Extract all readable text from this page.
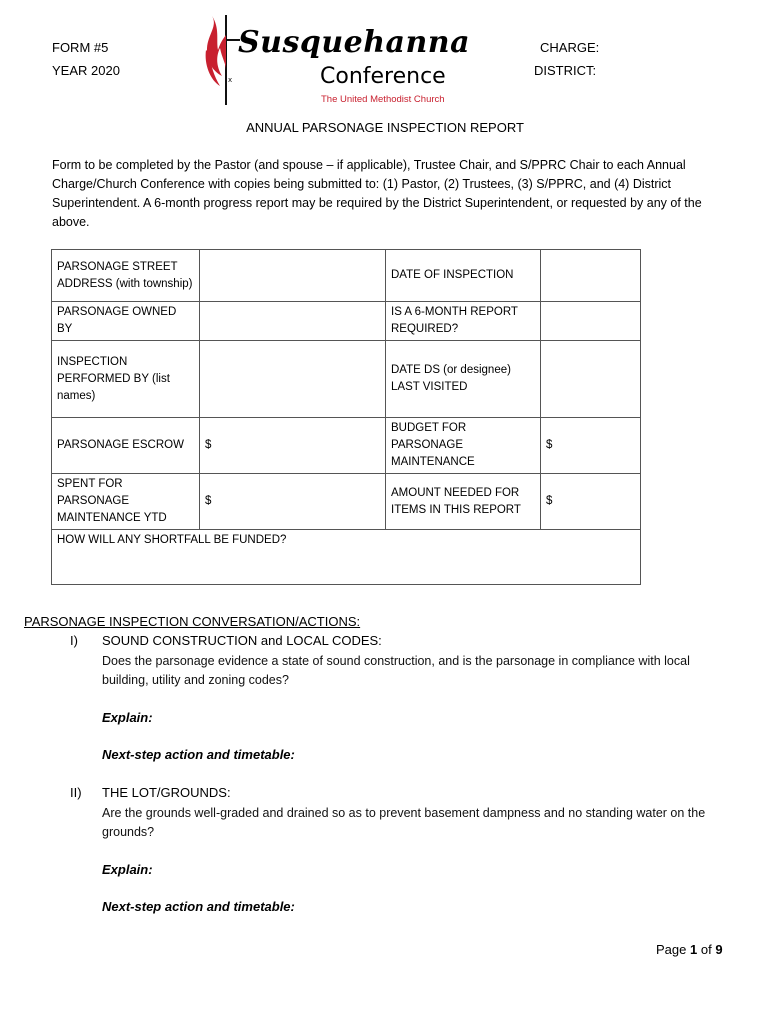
FORM #5
YEAR 2020
CHARGE:
DISTRICT:
x
Susquehanna
Conference
The United Methodist Church
ANNUAL PARSONAGE INSPECTION REPORT
Form to be completed by the Pastor (and spouse – if applicable), Trustee Chair, and S/PPRC Chair to each Annual Charge/Church Conference with copies being submitted to: (1) Pastor, (2) Trustees, (3) S/PPRC, and (4) District Superintendent. A 6-month progress report may be required by the District Superintendent, or requested by any of the above.
PARSONAGE STREET ADDRESS (with township)		DATE OF INSPECTION	
PARSONAGE OWNED BY		IS A 6-MONTH REPORT REQUIRED?	
INSPECTION PERFORMED BY (list names)		DATE DS (or designee) LAST VISITED	
PARSONAGE ESCROW	$	BUDGET FOR PARSONAGE MAINTENANCE	$
SPENT FOR PARSONAGE MAINTENANCE YTD	$	AMOUNT NEEDED FOR ITEMS IN THIS REPORT	$
HOW WILL ANY SHORTFALL BE FUNDED?			
PARSONAGE INSPECTION CONVERSATION/ACTIONS:
I) SOUND CONSTRUCTION and LOCAL CODES:
Does the parsonage evidence a state of sound construction, and is the parsonage in compliance with local building, utility and zoning codes?
Explain:
Next-step action and timetable:
II) THE LOT/GROUNDS:
Are the grounds well-graded and drained so as to prevent basement dampness and no standing water on the grounds?
Explain:
Next-step action and timetable:
Page 1 of 9
